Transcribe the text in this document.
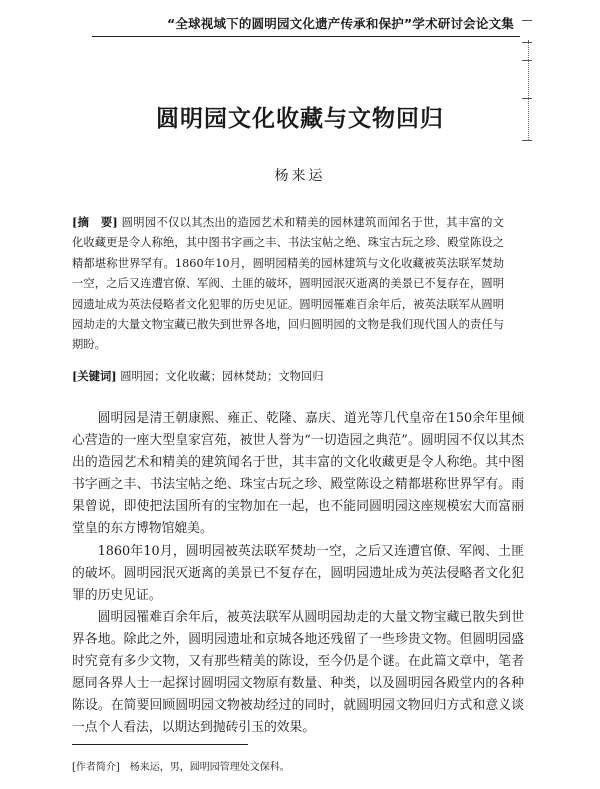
“全球视域下的圆明园文化遗产传承和保护”学术研讨会论文集
圆明园文化收藏与文物回归
杨来运
[摘　要] 圆明园不仅以其杰出的造园艺术和精美的园林建筑而闻名于世，其丰富的文化收藏更是令人称绝，其中图书字画之丰、书法宝帖之绝、珠宝古玩之珍、殿堂陈设之精都堪称世界罕有。1860年10月，圆明园精美的园林建筑与文化收藏被英法联军焚劫一空，之后又连遭官僚、军阀、土匪的破坏，圆明园泯灭逝离的美景已不复存在，圆明园遗址成为英法侵略者文化犯罪的历史见证。圆明园罹难百余年后，被英法联军从圆明园劫走的大量文物宝藏已散失到世界各地，回归圆明园的文物是我们现代国人的责任与期盼。
[关键词] 圆明园；文化收藏；园林焚劫；文物回归

圆明园是清王朝康熙、雍正、乾隆、嘉庆、道光等几代皇帝在150余年里倾心营造的一座大型皇家宫苑，被世人誉为“一切造园之典范”。圆明园不仅以其杰出的造园艺术和精美的建筑闻名于世，其丰富的文化收藏更是令人称绝。其中图书字画之丰、书法宝帖之绝、珠宝古玩之珍、殿堂陈设之精都堪称世界罕有。雨果曾说，即使把法国所有的宝物加在一起，也不能同圆明园这座规模宏大而富丽堂皇的东方博物馆媲美。

1860年10月，圆明园被英法联军焚劫一空，之后又连遭官僚、军阀、土匪的破坏。圆明园泯灭逝离的美景已不复存在，圆明园遗址成为英法侵略者文化犯罪的历史见证。

圆明园罹难百余年后，被英法联军从圆明园劫走的大量文物宝藏已散失到世界各地。除此之外，圆明园遗址和京城各地还残留了一些珍贵文物。但圆明园盛时究竟有多少文物，又有那些精美的陈设，至今仍是个谜。在此篇文章中，笔者愿同各界人士一起探讨圆明园文物原有数量、种类，以及圆明园各殿堂内的各种陈设。在简要回顾圆明园文物被劫经过的同时，就圆明园文物回归方式和意义谈一点个人看法，以期达到抛砖引玉的效果。

[作者简介]　杨来运，男，圆明园管理处文保科。
